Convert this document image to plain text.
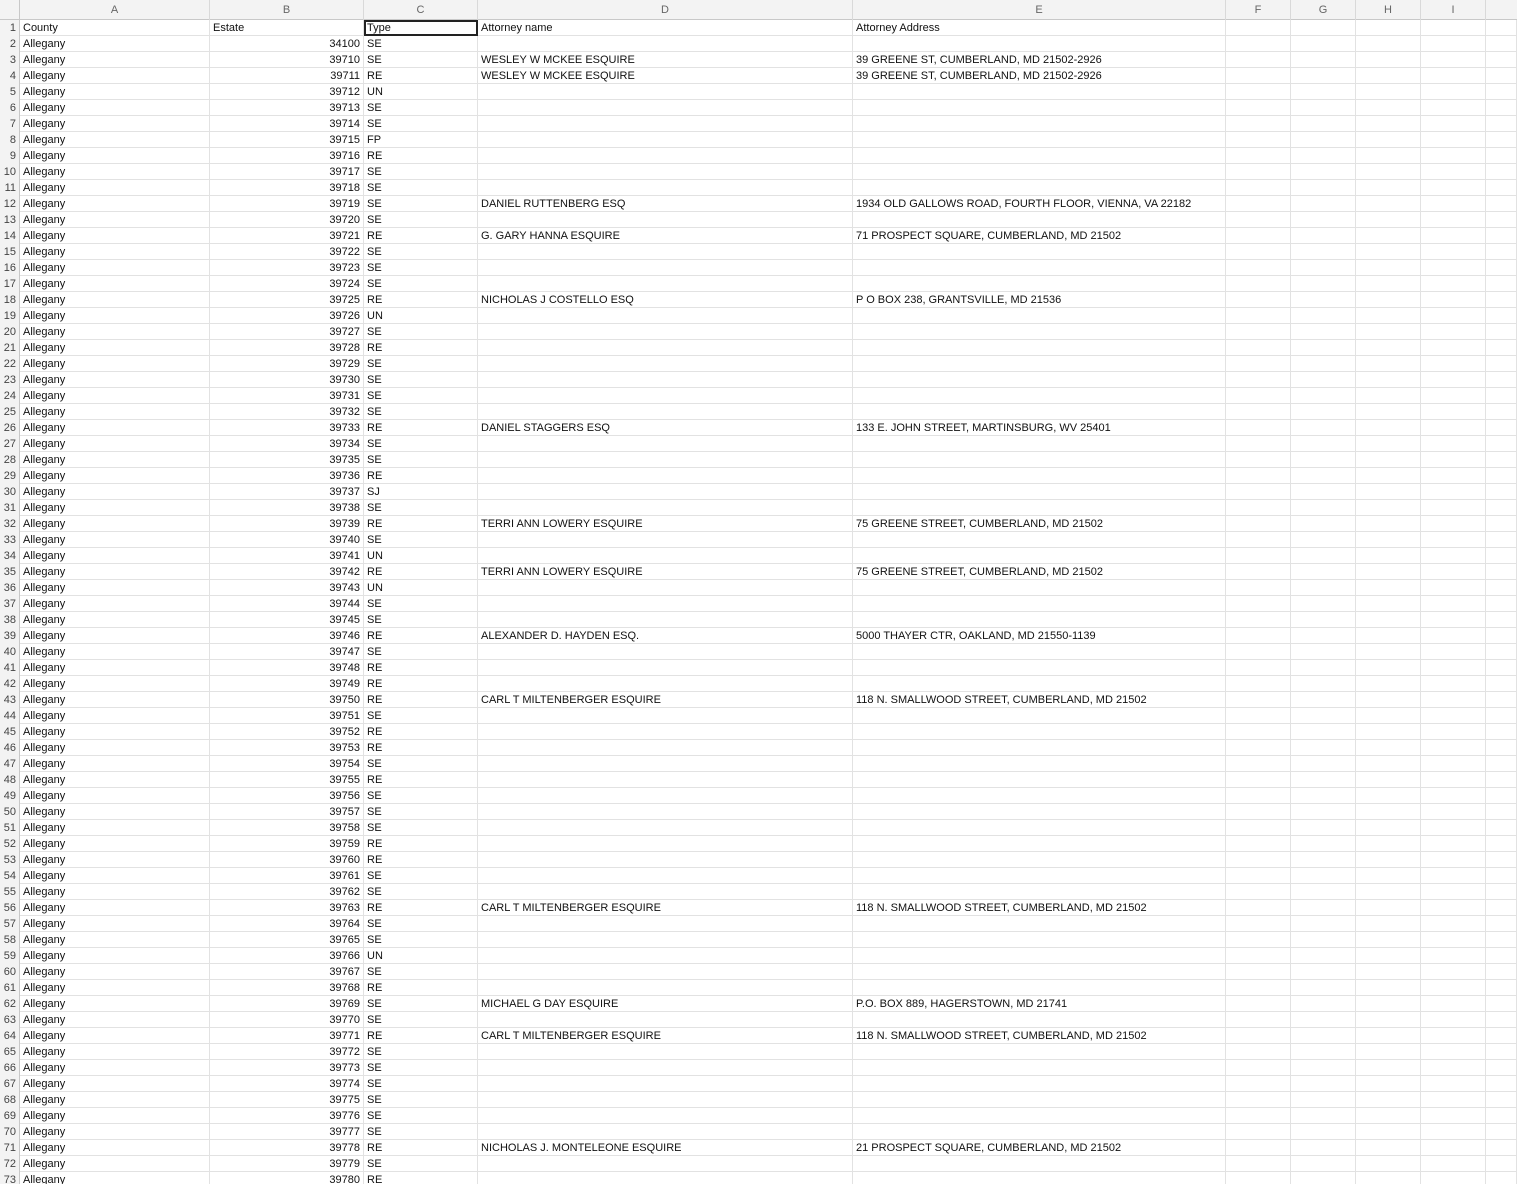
A	B	C	D	E	F	G	H	I
1 County	Estate	Type	Attorney name	Attorney Address
2 Allegany	34100 SE
3 Allegany	39710 SE	WESLEY W MCKEE ESQUIRE	39 GREENE ST, CUMBERLAND, MD 21502-2926
4 Allegany	39711 RE	WESLEY W MCKEE ESQUIRE	39 GREENE ST, CUMBERLAND, MD 21502-2926
5 Allegany	39712 UN
6 Allegany	39713 SE
7 Allegany	39714 SE
8 Allegany	39715 FP
9 Allegany	39716 RE
10 Allegany	39717 SE
11 Allegany	39718 SE
12 Allegany	39719 SE	DANIEL RUTTENBERG ESQ	1934 OLD GALLOWS ROAD, FOURTH FLOOR, VIENNA, VA 22182
13 Allegany	39720 SE
14 Allegany	39721 RE	G. GARY HANNA ESQUIRE	71 PROSPECT SQUARE, CUMBERLAND, MD 21502
15 Allegany	39722 SE
16 Allegany	39723 SE
17 Allegany	39724 SE
18 Allegany	39725 RE	NICHOLAS J COSTELLO ESQ	P O BOX 238, GRANTSVILLE, MD 21536
19 Allegany	39726 UN
20 Allegany	39727 SE
21 Allegany	39728 RE
22 Allegany	39729 SE
23 Allegany	39730 SE
24 Allegany	39731 SE
25 Allegany	39732 SE
26 Allegany	39733 RE	DANIEL STAGGERS ESQ	133 E. JOHN STREET, MARTINSBURG, WV 25401
27 Allegany	39734 SE
28 Allegany	39735 SE
29 Allegany	39736 RE
30 Allegany	39737 SJ
31 Allegany	39738 SE
32 Allegany	39739 RE	TERRI ANN LOWERY ESQUIRE	75 GREENE STREET, CUMBERLAND, MD 21502
33 Allegany	39740 SE
34 Allegany	39741 UN
35 Allegany	39742 RE	TERRI ANN LOWERY ESQUIRE	75 GREENE STREET, CUMBERLAND, MD 21502
36 Allegany	39743 UN
37 Allegany	39744 SE
38 Allegany	39745 SE
39 Allegany	39746 RE	ALEXANDER D. HAYDEN ESQ.	5000 THAYER CTR, OAKLAND, MD 21550-1139
40 Allegany	39747 SE
41 Allegany	39748 RE
42 Allegany	39749 RE
43 Allegany	39750 RE	CARL T MILTENBERGER ESQUIRE	118 N. SMALLWOOD STREET, CUMBERLAND, MD 21502
44 Allegany	39751 SE
45 Allegany	39752 RE
46 Allegany	39753 RE
47 Allegany	39754 SE
48 Allegany	39755 RE
49 Allegany	39756 SE
50 Allegany	39757 SE
51 Allegany	39758 SE
52 Allegany	39759 RE
53 Allegany	39760 RE
54 Allegany	39761 SE
55 Allegany	39762 SE
56 Allegany	39763 RE	CARL T MILTENBERGER ESQUIRE	118 N. SMALLWOOD STREET, CUMBERLAND, MD 21502
57 Allegany	39764 SE
58 Allegany	39765 SE
59 Allegany	39766 UN
60 Allegany	39767 SE
61 Allegany	39768 RE
62 Allegany	39769 SE	MICHAEL G DAY ESQUIRE	P.O. BOX 889, HAGERSTOWN, MD 21741
63 Allegany	39770 SE
64 Allegany	39771 RE	CARL T MILTENBERGER ESQUIRE	118 N. SMALLWOOD STREET, CUMBERLAND, MD 21502
65 Allegany	39772 SE
66 Allegany	39773 SE
67 Allegany	39774 SE
68 Allegany	39775 SE
69 Allegany	39776 SE
70 Allegany	39777 SE
71 Allegany	39778 RE	NICHOLAS J. MONTELEONE ESQUIRE	21 PROSPECT SQUARE, CUMBERLAND, MD 21502
72 Allegany	39779 SE
73 Allegany	39780 RE
